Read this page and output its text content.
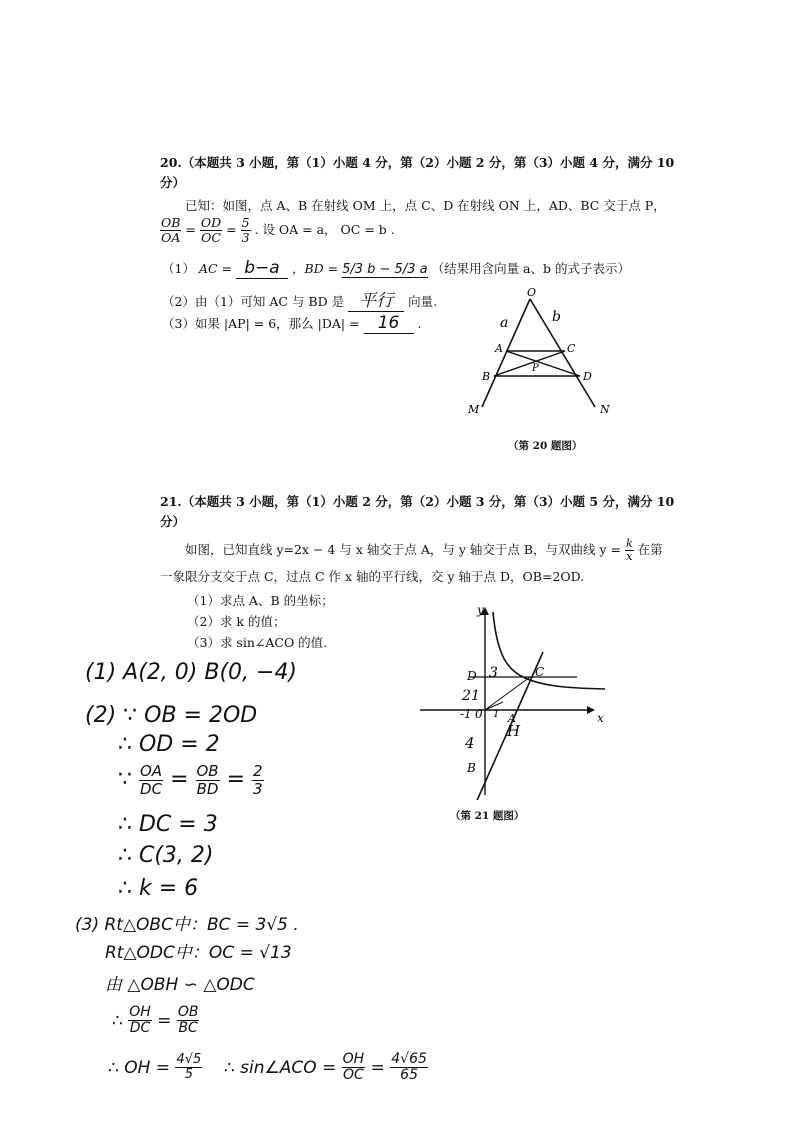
20.（本题共 3 小题，第（1）小题 4 分，第（2）小题 2 分，第（3）小题 4 分，满分 10
分）
已知：如图，点 A、B 在射线 OM 上，点 C、D 在射线 ON 上，AD、BC 交于点 P，
$\frac{OB}{OA} = \frac{OD}{OC} = \frac{5}{3}$ . 设 OA = a， OC = b .
（1） AC = b−a ，BD = 5/3 b − 5/3 a （结果用含向量 a、b 的式子表示）
（2）由（1）可知 AC 与 BD 是 平行 向量.
（3）如果 |AP| = 6，那么 |DA| = 16 .
O
A
B
C
D
P
M	N
a	b
（第 20 题图）
21.（本题共 3 小题，第（1）小题 2 分，第（2）小题 3 分，第（3）小题 5 分，满分 10
分）
如图，已知直线 y=2x − 4 与 x 轴交于点 A，与 y 轴交于点 B，与双曲线 $y = \frac{k}{x}$ 在第
一象限分支交于点 C，过点 C 作 x 轴的平行线，交 y 轴于点 D，OB=2OD.
（1）求点 A、B 的坐标；
（2）求 k 的值；
（3）求 sin∠ACO 的值.
D	C
A
B
y
x
3
2 1
-1 0 1
4
H
（第 21 题图）
(1) A(2, 0) B(0, −4)
(2) ∵ OB = 2OD
∴ OD = 2
∵ $\frac{OA}{DC} = \frac{OB}{BD} = \frac{2}{3}$
∴ DC = 3
∴ C(3, 2)
∴ k = 6
(3) Rt△OBC中：BC = 3√5 .
Rt△ODC中：OC = √13
由 △OBH ∽ △ODC
∴ $\frac{OH}{DC} = \frac{OB}{BC}$
∴ OH = $\frac{4√5}{5}$ ∴ sin∠ACO = $\frac{OH}{OC} = \frac{4√65}{65}$
